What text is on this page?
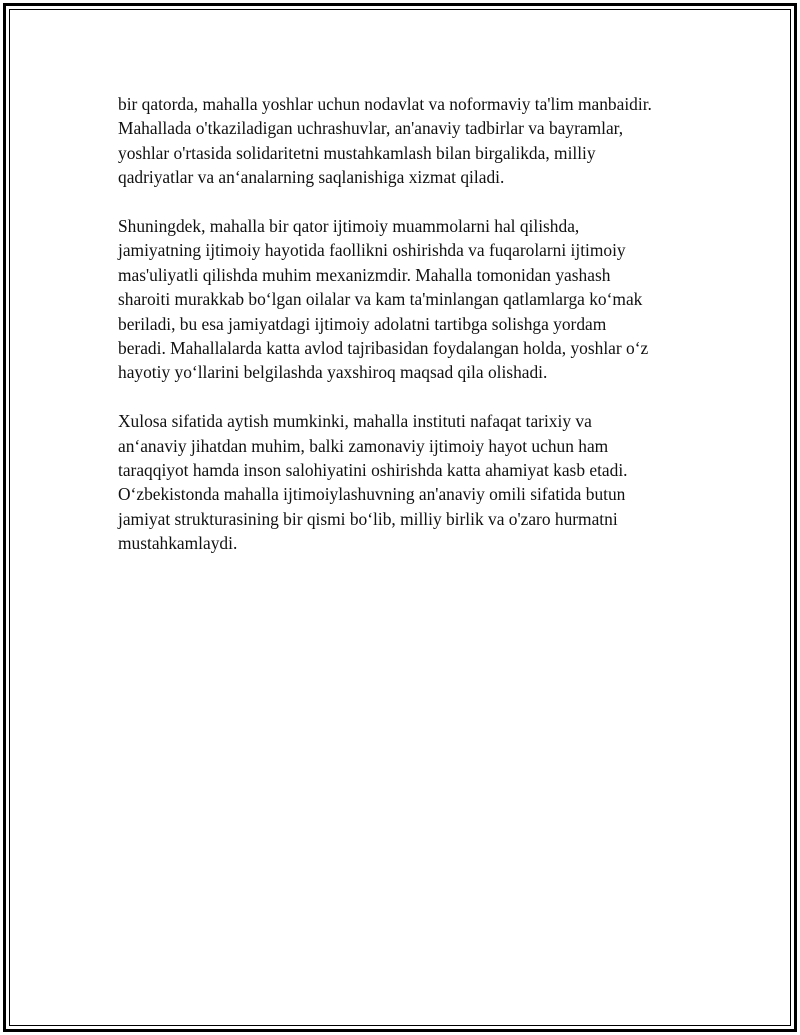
bir qatorda, mahalla yoshlar uchun nodavlat va noformaviy ta'lim manbaidir.
Mahallada o'tkaziladigan uchrashuvlar, an'anaviy tadbirlar va bayramlar,
yoshlar o'rtasida solidaritetni mustahkamlash bilan birgalikda, milliy
qadriyatlar va an‘analarning saqlanishiga xizmat qiladi.

Shuningdek, mahalla bir qator ijtimoiy muammolarni hal qilishda,
jamiyatning ijtimoiy hayotida faollikni oshirishda va fuqarolarni ijtimoiy
mas'uliyatli qilishda muhim mexanizmdir. Mahalla tomonidan yashash
sharoiti murakkab bo‘lgan oilalar va kam ta'minlangan qatlamlarga ko‘mak
beriladi, bu esa jamiyatdagi ijtimoiy adolatni tartibga solishga yordam
beradi. Mahallalarda katta avlod tajribasidan foydalangan holda, yoshlar o‘z
hayotiy yo‘llarini belgilashda yaxshiroq maqsad qila olishadi.

Xulosa sifatida aytish mumkinki, mahalla instituti nafaqat tarixiy va
an‘anaviy jihatdan muhim, balki zamonaviy ijtimoiy hayot uchun ham
taraqqiyot hamda inson salohiyatini oshirishda katta ahamiyat kasb etadi.
O‘zbekistonda mahalla ijtimoiylashuvning an'anaviy omili sifatida butun
jamiyat strukturasining bir qismi bo‘lib, milliy birlik va o'zaro hurmatni
mustahkamlaydi.
